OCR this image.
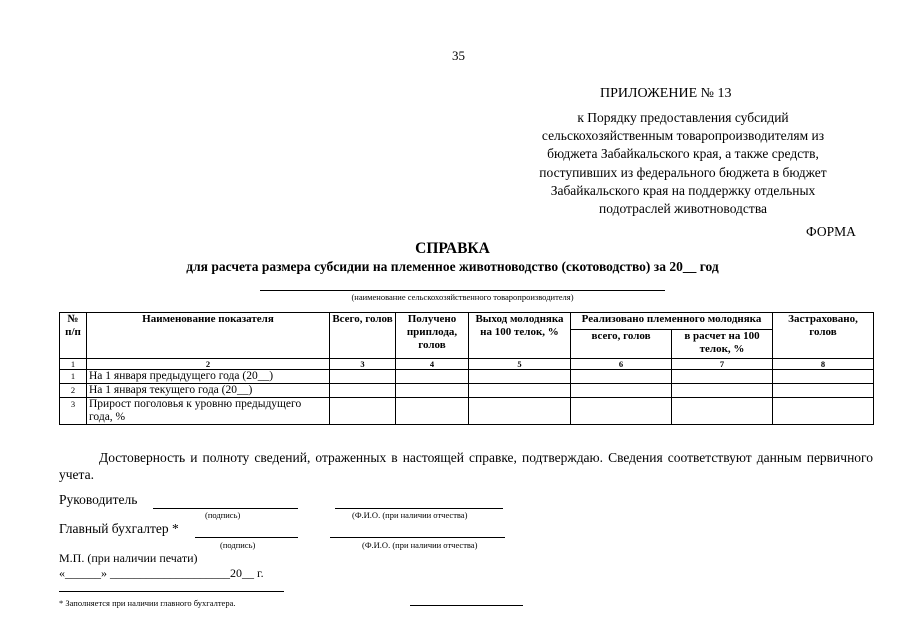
35
ПРИЛОЖЕНИЕ № 13
к Порядку предоставления субсидий
сельскохозяйственным товаропроизводителям из
бюджета Забайкальского края, а также средств,
поступивших из федерального бюджета в бюджет
Забайкальского края на поддержку отдельных
подотраслей животноводства
ФОРМА
СПРАВКА
для расчета размера субсидии на племенное животноводство (скотоводство) за 20__ год
(наименование сельскохозяйственного товаропроизводителя)
№ п/п	Наименование показателя	Всего, голов	Получено приплода, голов	Выход молодняка на 100 телок, %	Реализовано племенного молодняка		Застраховано, голов
					всего, голов	в расчет на 100 телок, %	
1	2	3	4	5	6	7	8
1	На 1 января предыдущего года (20__)						
2	На 1 января текущего года (20__)						
3	Прирост поголовья к уровню предыдущего года, %						
Достоверность и полноту сведений, отраженных в настоящей справке, подтверждаю. Сведения соответствуют данным первичного учета.
Руководитель
(подпись)	(Ф.И.О. (при наличии отчества)
Главный бухгалтер *
(подпись)	(Ф.И.О. (при наличии отчества)
М.П. (при наличии печати)
«______» ____________________20__ г.
* Заполняется при наличии главного бухгалтера.
